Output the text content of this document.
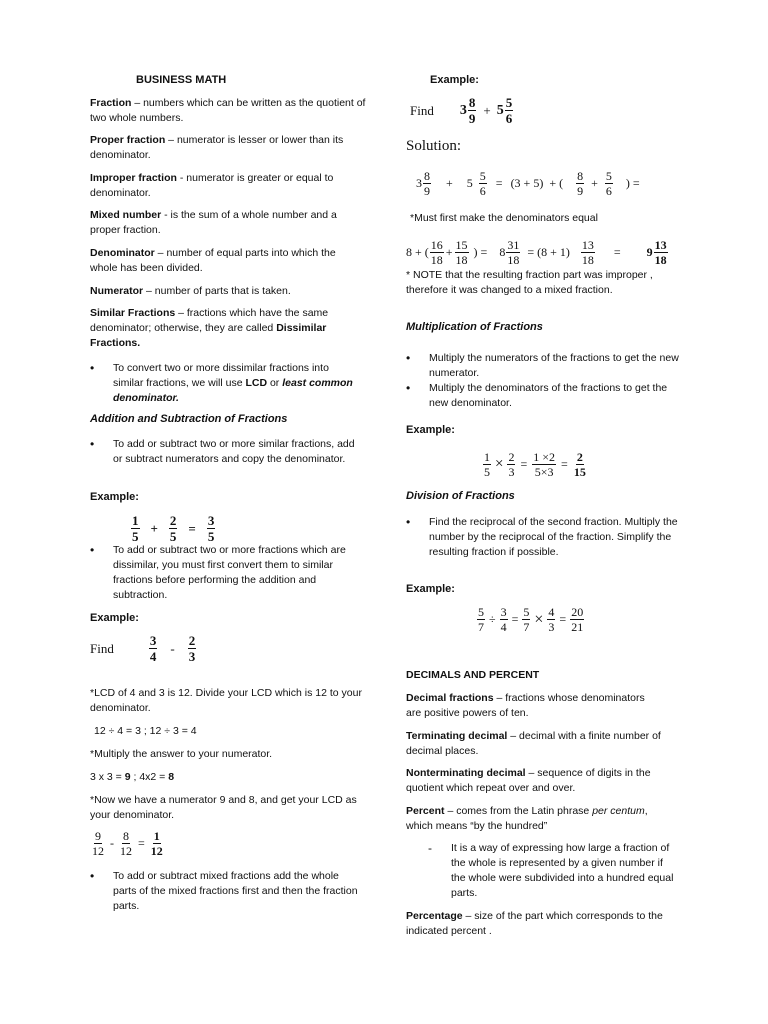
BUSINESS MATH
Fraction – numbers which can be written as the quotient of two whole numbers.
Proper fraction – numerator is lesser or lower than its denominator.
Improper fraction - numerator is greater or equal to denominator.
Mixed number - is the sum of a whole number and a proper fraction.
Denominator – number of equal parts into which the whole has been divided.
Numerator – number of parts that is taken.
Similar Fractions – fractions which have the same denominator; otherwise, they are called Dissimilar Fractions.
• To convert two or more dissimilar fractions into similar fractions, we will use LCD or least common denominator.
Addition and Subtraction of Fractions
• To add or subtract two or more similar fractions, add or subtract numerators and copy the denominator.
Example:
$\frac{1}{5} + \frac{2}{5} = \frac{3}{5}$
• To add or subtract two or more fractions which are dissimilar, you must first convert them to similar fractions before performing the addition and subtraction.
Example:
Find	$\frac{3}{4} - \frac{2}{3}$
*LCD of 4 and 3 is 12. Divide your LCD which is 12 to your denominator.
12 ÷ 4 = 3 ; 12 ÷ 3 = 4
*Multiply the answer to your numerator.
3 x 3 = 9 ; 4x2 = 8
*Now we have a numerator 9 and 8, and get your LCD as your denominator.
$\frac{9}{12} - \frac{8}{12} = \frac{1}{12}$
• To add or subtract mixed fractions add the whole parts of the mixed fractions first and then the fraction parts.
Example:
Find $3 \frac{8}{9} + 5 \frac{5}{6}$
Solution:
$3 \frac{8}{9} + 5 \frac{5}{6} = (3 + 5)$ + ( $\frac{8}{9} + \frac{5}{6}$ ) =
*Must first make the denominators equal
8 + ( $\frac{16}{18} + \frac{15}{18}$ ) = $8 \frac{31}{18} = (8 + 1) \frac{13}{18} = 9 \frac{13}{18}$
* NOTE that the resulting fraction part was improper , therefore it was changed to a mixed fraction.
Multiplication of Fractions
• Multiply the numerators of the fractions to get the new numerator.
• Multiply the denominators of the fractions to get the new denominator.
Example:
$\frac{1}{5} \times \frac{2}{3} = \frac{1 \times 2}{5\times 3} = \frac{2}{15}$
Division of Fractions
• Find the reciprocal of the second fraction. Multiply the number by the reciprocal of the fraction. Simplify the resulting fraction if possible.
Example:
$\frac{5}{7} \div \frac{3}{4} = \frac{5}{7} \times \frac{4}{3} = \frac{20}{21}$
DECIMALS AND PERCENT
Decimal fractions – fractions whose denominators are positive powers of ten.
Terminating decimal – decimal with a finite number of decimal places.
Nonterminating decimal – sequence of digits in the quotient which repeat over and over.
Percent – comes from the Latin phrase per centum, which means “by the hundred”
- It is a way of expressing how large a fraction of the whole is represented by a given number if the whole were subdivided into a hundred equal parts.
Percentage – size of the part which corresponds to the indicated percent .
